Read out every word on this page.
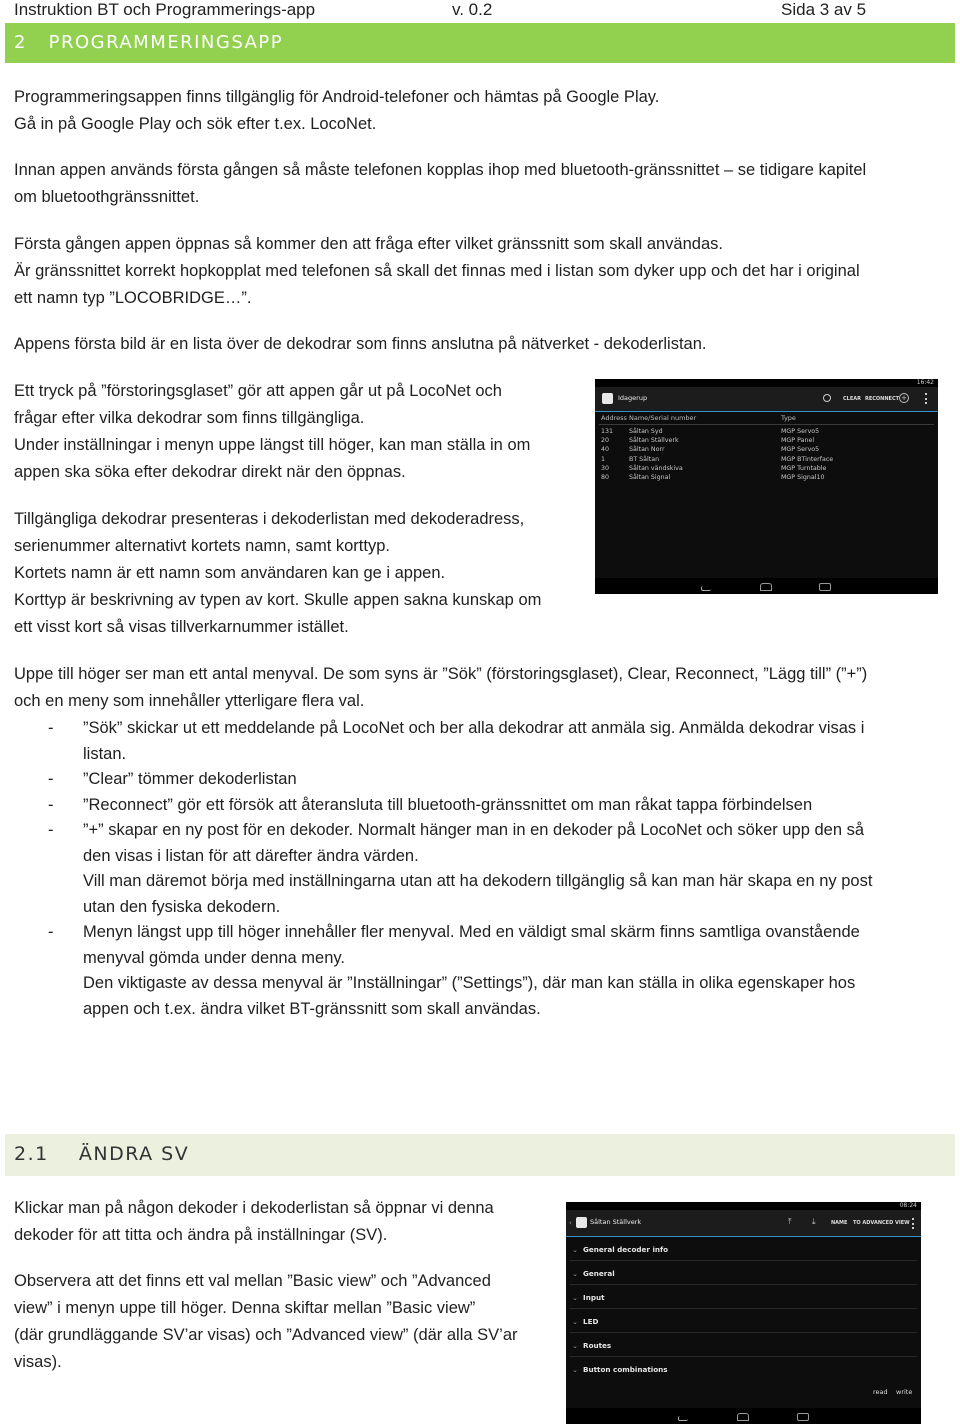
Instruktion BT och Programmerings-app	v. 0.2	Sida 3 av 5
2   PROGRAMMERINGSAPP
Programmeringsappen finns tillgänglig för Android-telefoner och hämtas på Google Play.
Gå in på Google Play och sök efter t.ex. LocoNet.
Innan appen används första gången så måste telefonen kopplas ihop med bluetooth-gränssnittet – se tidigare kapitel
om bluetoothgränssnittet.
Första gången appen öppnas så kommer den att fråga efter vilket gränssnitt som skall användas.
Är gränssnittet korrekt hopkopplat med telefonen så skall det finnas med i listan som dyker upp och det har i original
ett namn typ ”LOCOBRIDGE…”.
Appens första bild är en lista över de dekodrar som finns anslutna på nätverket - dekoderlistan.
Ett tryck på ”förstoringsglaset” gör att appen går ut på LocoNet och
frågar efter vilka dekodrar som finns tillgängliga.
Under inställningar i menyn uppe längst till höger, kan man ställa in om
appen ska söka efter dekodrar direkt när den öppnas.
Tillgängliga dekodrar presenteras i dekoderlistan med dekoderadress,
serienummer alternativt kortets namn, samt korttyp.
Kortets namn är ett namn som användaren kan ge i appen.
Korttyp är beskrivning av typen av kort. Skulle appen sakna kunskap om
ett visst kort så visas tillverkarnummer istället.
16:42
Idagerup	CLEAR RECONNECT +
Address Name/Serial number	Type
131	Såltan Syd	MGP Servo5
20	Såltan Ställverk	MGP Panel
40	Såltan Norr	MGP Servo5
1	BT Såltan	MGP BTinterface
30	Såltan vändskiva	MGP Turntable
80	Såltan Signal	MGP Signal10
Uppe till höger ser man ett antal menyval. De som syns är ”Sök” (förstoringsglaset), Clear, Reconnect, ”Lägg till” (”+”)
och en meny som innehåller ytterligare flera val.
- ”Sök” skickar ut ett meddelande på LocoNet och ber alla dekodrar att anmäla sig. Anmälda dekodrar visas i
listan.
- ”Clear” tömmer dekoderlistan
- ”Reconnect” gör ett försök att återansluta till bluetooth-gränssnittet om man råkat tappa förbindelsen
- ”+” skapar en ny post för en dekoder. Normalt hänger man in en dekoder på LocoNet och söker upp den så
den visas i listan för att därefter ändra värden.
Vill man däremot börja med inställningarna utan att ha dekodern tillgänglig så kan man här skapa en ny post
utan den fysiska dekodern.
- Menyn längst upp till höger innehåller fler menyval. Med en väldigt smal skärm finns samtliga ovanstående
menyval gömda under denna meny.
Den viktigaste av dessa menyval är ”Inställningar” (”Settings”), där man kan ställa in olika egenskaper hos
appen och t.ex. ändra vilket BT-gränssnitt som skall användas.
2.1    ÄNDRA SV
Klickar man på någon dekoder i dekoderlistan så öppnar vi denna
dekoder för att titta och ändra på inställningar (SV).
Observera att det finns ett val mellan ”Basic view” och ”Advanced
view” i menyn uppe till höger. Denna skiftar mellan ”Basic view”
(där grundläggande SV’ar visas) och ”Advanced view” (där alla SV’ar
visas).
08:24
‹	Såltan Ställverk	⤒	⤓	NAME TO ADVANCED VIEW
⌄ General decoder info
⌄ General
⌄ Input
⌄ LED
⌄ Routes
⌄ Button combinations
read write
